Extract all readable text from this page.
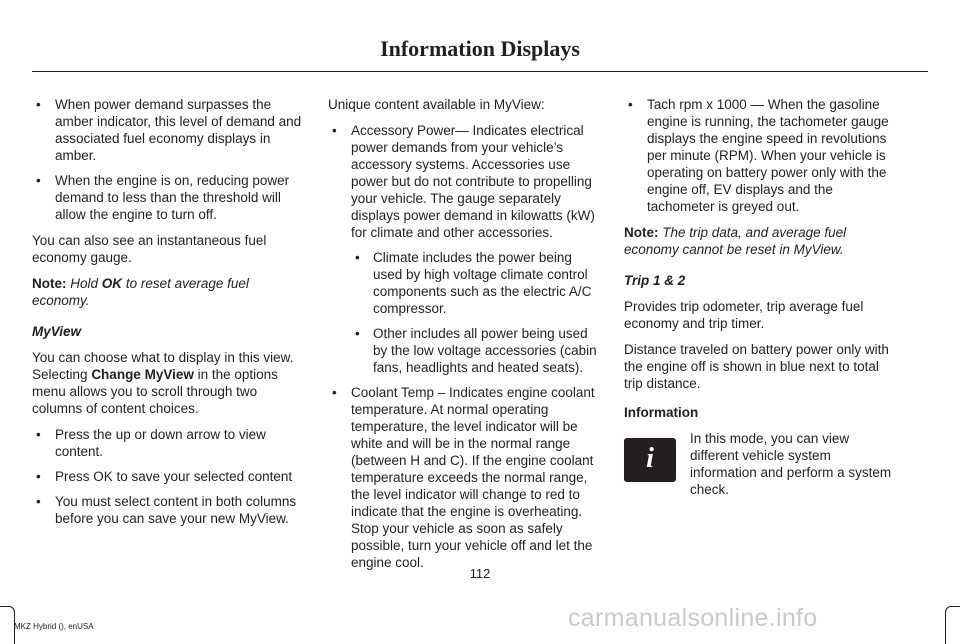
Information Displays
• When power demand surpasses the amber indicator, this level of demand and associated fuel economy displays in amber.
• When the engine is on, reducing power demand to less than the threshold will allow the engine to turn off.

You can also see an instantaneous fuel economy gauge.

Note: Hold OK to reset average fuel economy.

MyView

You can choose what to display in this view. Selecting Change MyView in the options menu allows you to scroll through two columns of content choices.

• Press the up or down arrow to view content.
• Press OK to save your selected content
• You must select content in both columns before you can save your new MyView.

Unique content available in MyView:

• Accessory Power— Indicates electrical power demands from your vehicle’s accessory systems. Accessories use power but do not contribute to propelling your vehicle. The gauge separately displays power demand in kilowatts (kW) for climate and other accessories.
• Climate includes the power being used by high voltage climate control components such as the electric A/C compressor.
• Other includes all power being used by the low voltage accessories (cabin fans, headlights and heated seats).
• Coolant Temp – Indicates engine coolant temperature. At normal operating temperature, the level indicator will be white and will be in the normal range (between H and C). If the engine coolant temperature exceeds the normal range, the level indicator will change to red to indicate that the engine is overheating. Stop your vehicle as soon as safely possible, turn your vehicle off and let the engine cool.
• Tach rpm x 1000 — When the gasoline engine is running, the tachometer gauge displays the engine speed in revolutions per minute (RPM). When your vehicle is operating on battery power only with the engine off, EV displays and the tachometer is greyed out.

Note: The trip data, and average fuel economy cannot be reset in MyView.

Trip 1 & 2

Provides trip odometer, trip average fuel economy and trip timer.

Distance traveled on battery power only with the engine off is shown in blue next to total trip distance.

Information

i

In this mode, you can view different vehicle system information and perform a system check.

112
MKZ Hybrid (), enUSA	carmanualsonline.info
